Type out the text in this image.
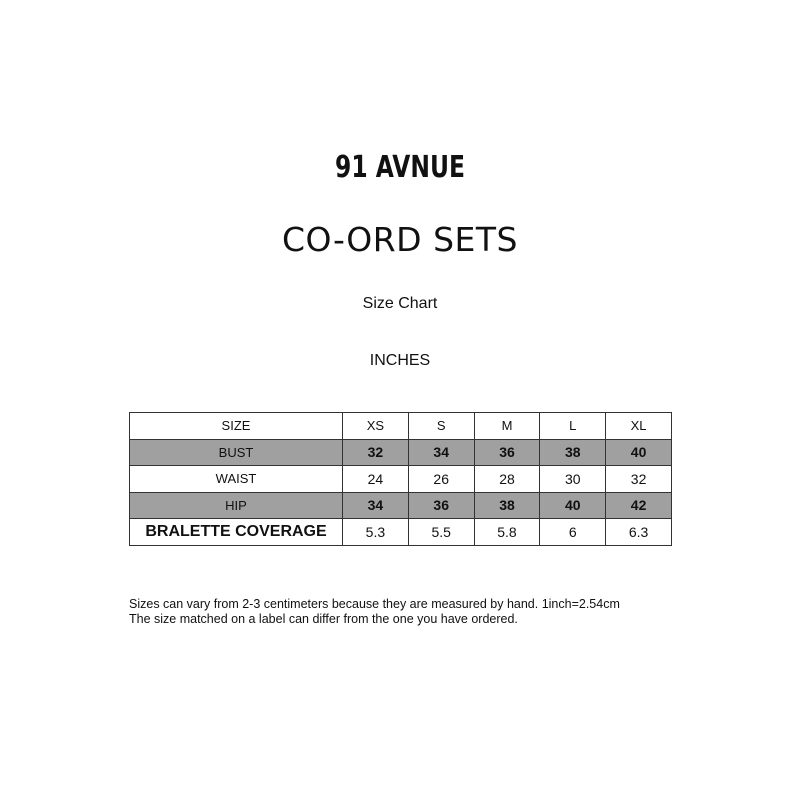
91 AVNUE
CO-ORD SETS
Size Chart
INCHES
SIZE	XS	S	M	L	XL
BUST	32	34	36	38	40
WAIST	24	26	28	30	32
HIP	34	36	38	40	42
BRALETTE COVERAGE	5.3	5.5	5.8	6	6.3
Sizes can vary from 2-3 centimeters because they are measured by hand. 1inch=2.54cm
The size matched on a label can differ from the one you have ordered.
